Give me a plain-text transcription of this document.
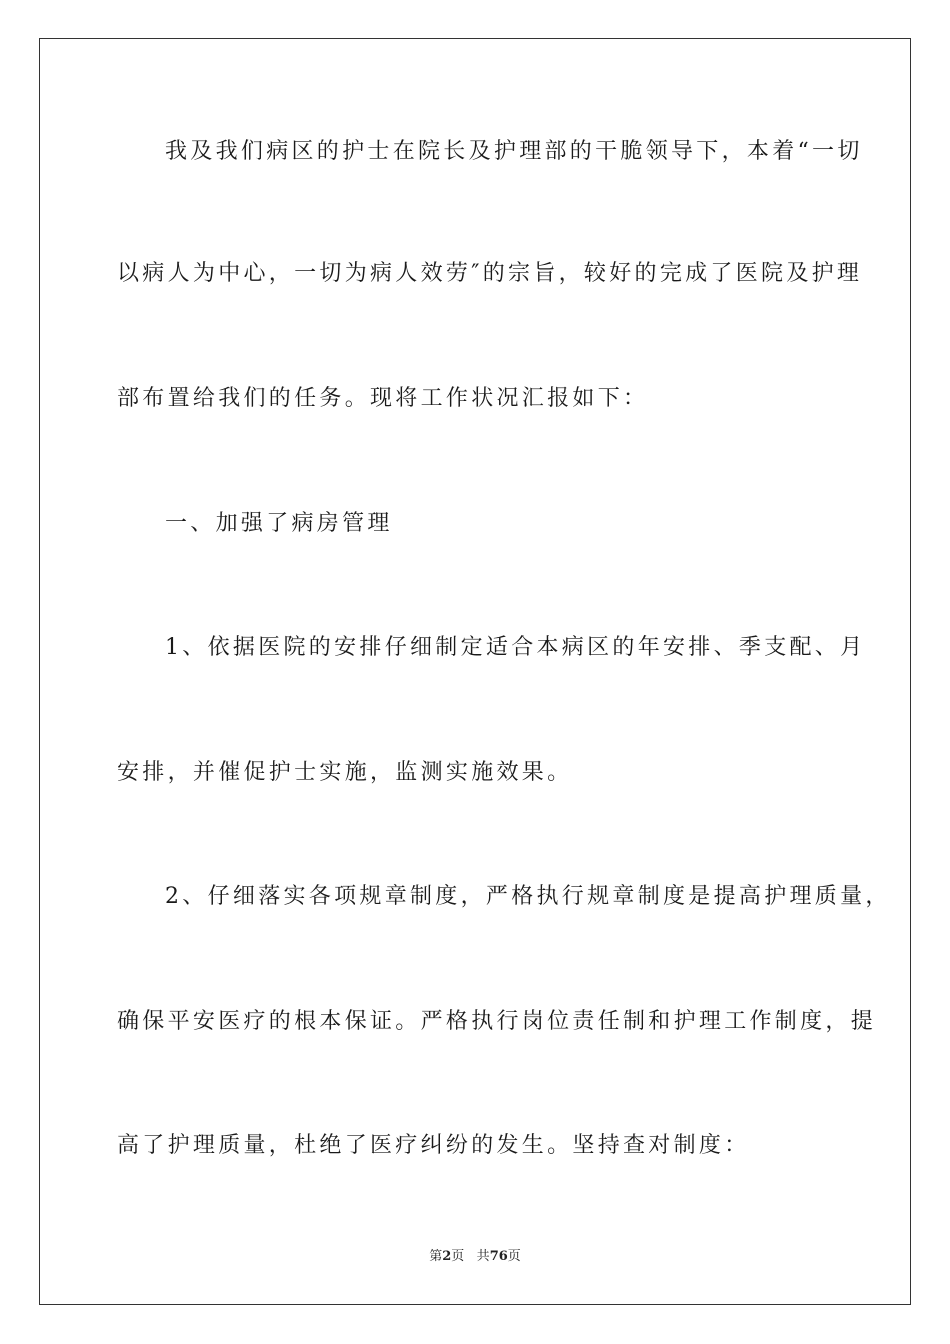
我及我们病区的护士在院长及护理部的干脆领导下，本着“一切
以病人为中心，一切为病人效劳″的宗旨，较好的完成了医院及护理
部布置给我们的任务。现将工作状况汇报如下：
一、加强了病房管理
1、依据医院的安排仔细制定适合本病区的年安排、季支配、月
安排，并催促护士实施，监测实施效果。
2、仔细落实各项规章制度，严格执行规章制度是提高护理质量，
确保平安医疗的根本保证。严格执行岗位责任制和护理工作制度，提
高了护理质量，杜绝了医疗纠纷的发生。坚持查对制度：
第2页 共76页
